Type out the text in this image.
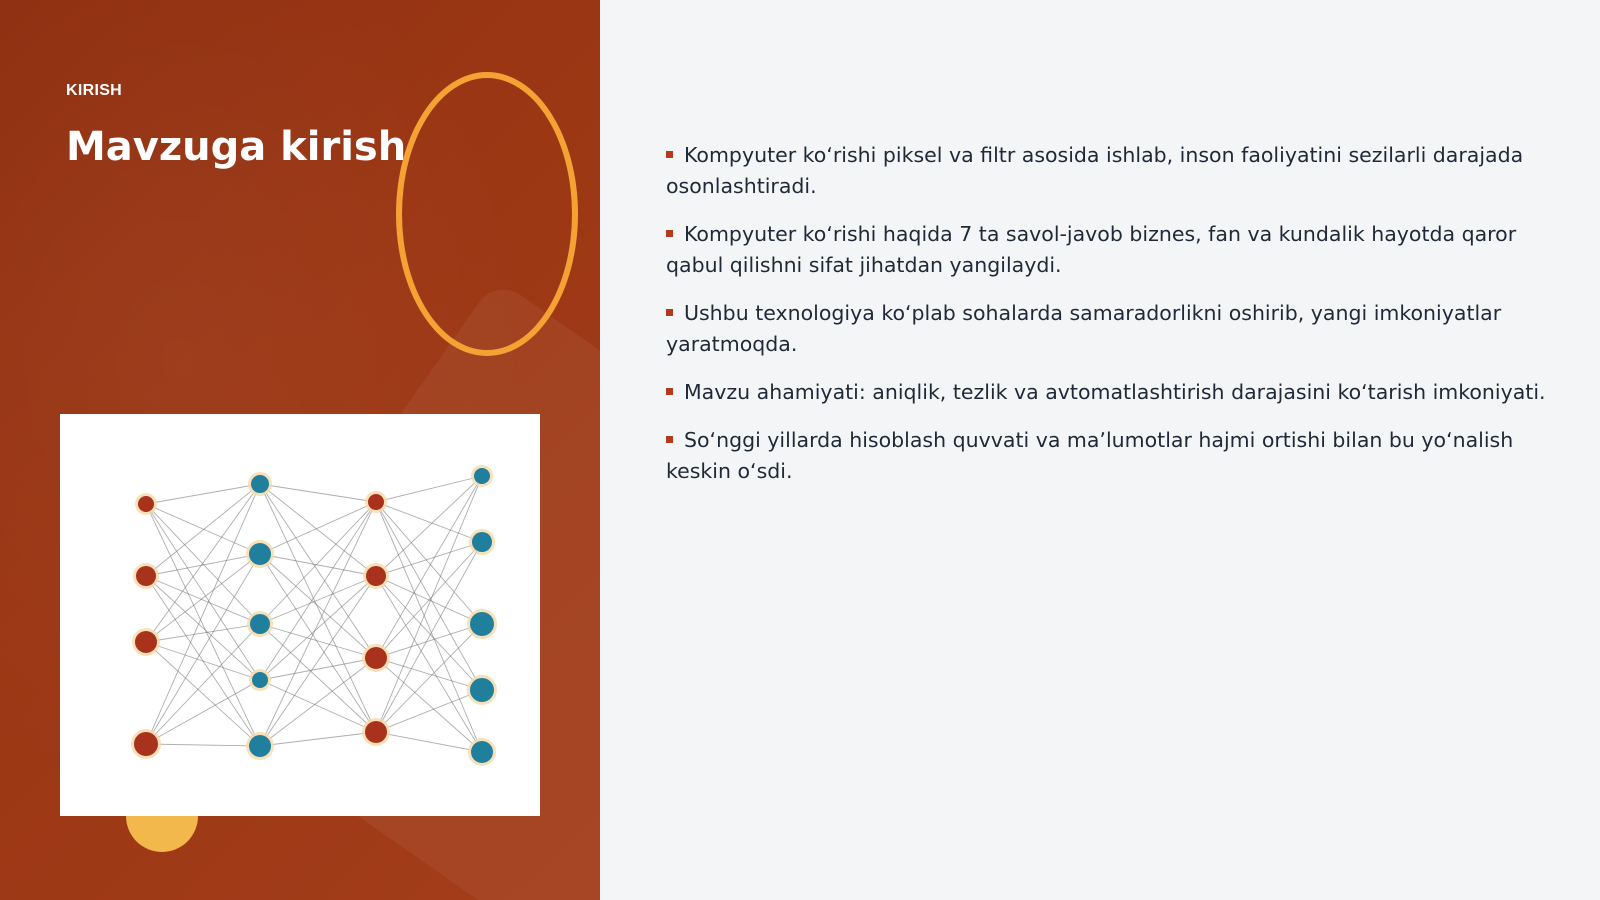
KIRISH
Mavzuga kirish	Kompyuter koʻrishi piksel va filtr asosida ishlab, inson faoliyatini sezilarli darajada osonlashtiradi.
Kompyuter koʻrishi haqida 7 ta savol-javob biznes, fan va kundalik hayotda qaror qabul qilishni sifat jihatdan yangilaydi.
Ushbu texnologiya koʻplab sohalarda samaradorlikni oshirib, yangi imkoniyatlar yaratmoqda.
Mavzu ahamiyati: aniqlik, tezlik va avtomatlashtirish darajasini koʻtarish imkoniyati.
Soʻnggi yillarda hisoblash quvvati va maʼlumotlar hajmi ortishi bilan bu yoʻnalish keskin oʻsdi.
